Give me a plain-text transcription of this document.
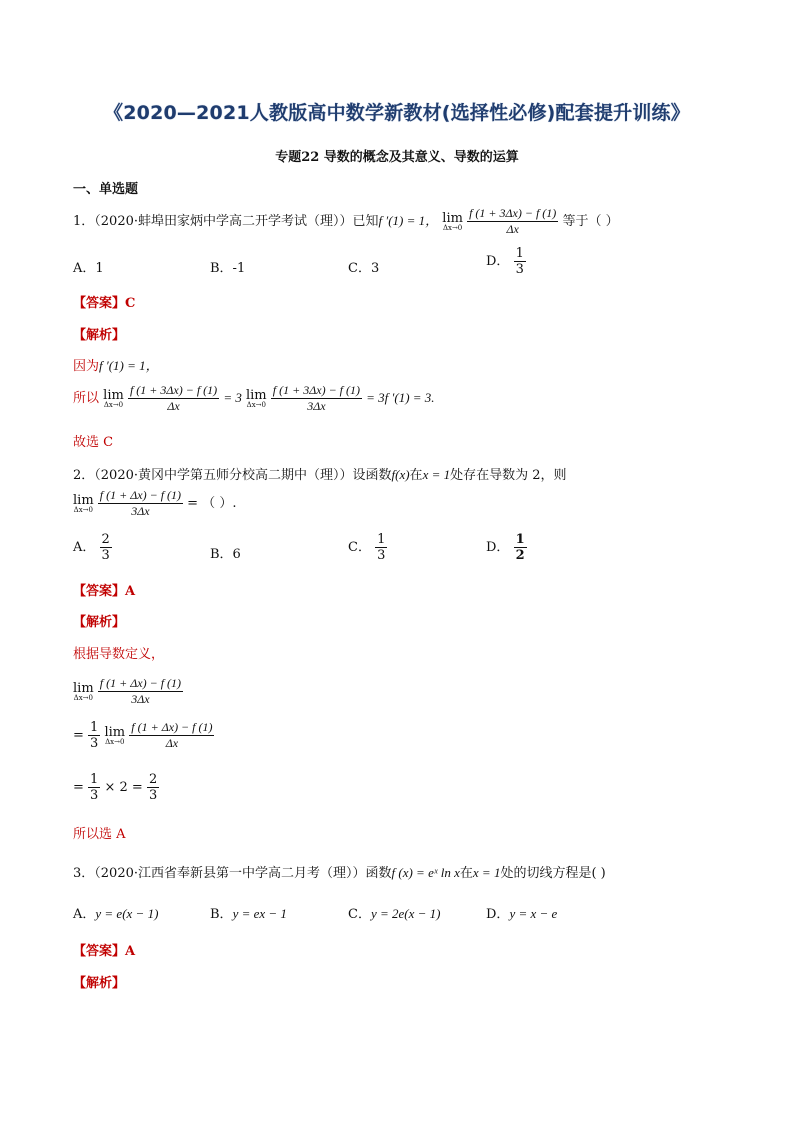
《2020—2021人教版高中数学新教材(选择性必修)配套提升训练》
专题22 导数的概念及其意义、导数的运算
一、单选题
1．（2020·蚌埠田家炳中学高二开学考试（理））已知f ′(1) = 1， lim
Δx→0
$\frac{f (1 + 3\Delta x) - f (1)}{\Delta x}$ 等于（ ）
A．1	B．-1	C．3	D． $\frac{1}{3}$
【答案】C
【解析】
因为f ′(1) = 1，
所以 lim
Δx→0
$\frac{f (1 + 3\Delta x) - f (1)}{\Delta x} = 3$ lim
Δx→0
$\frac{f (1 + 3\Delta x) - f (1)}{3\Delta x} = 3f$ ′(1) = 3.
故选 C
2．（2020·黄冈中学第五师分校高二期中（理））设函数f(x)在x = 1处存在导数为 2，则
lim
Δx→0
$\frac{f (1 + \Delta x) - f (1)}{3\Delta x}$ = （ ）.
A． $\frac{2}{3}$	B．6	C． $\frac{1}{3}$	D． $\frac{1}{2}$
【答案】A
【解析】
根据导数定义，
lim
Δx→0
$\frac{f (1 + \Delta x) - f (1)}{3\Delta x}$
= $\frac{1}{3}$
lim
Δx→0
$\frac{f (1 + \Delta x) - f (1)}{\Delta x}$
= $\frac{1}{3} \times 2 = \frac{2}{3}$
所以选 A
3．（2020·江西省奉新县第一中学高二月考（理））函数f (x) = eˣ ln x在x = 1处的切线方程是( )
A．y = e(x − 1)	B．y = ex − 1	C．y = 2e(x − 1)	D．y = x − e
【答案】A
【解析】
